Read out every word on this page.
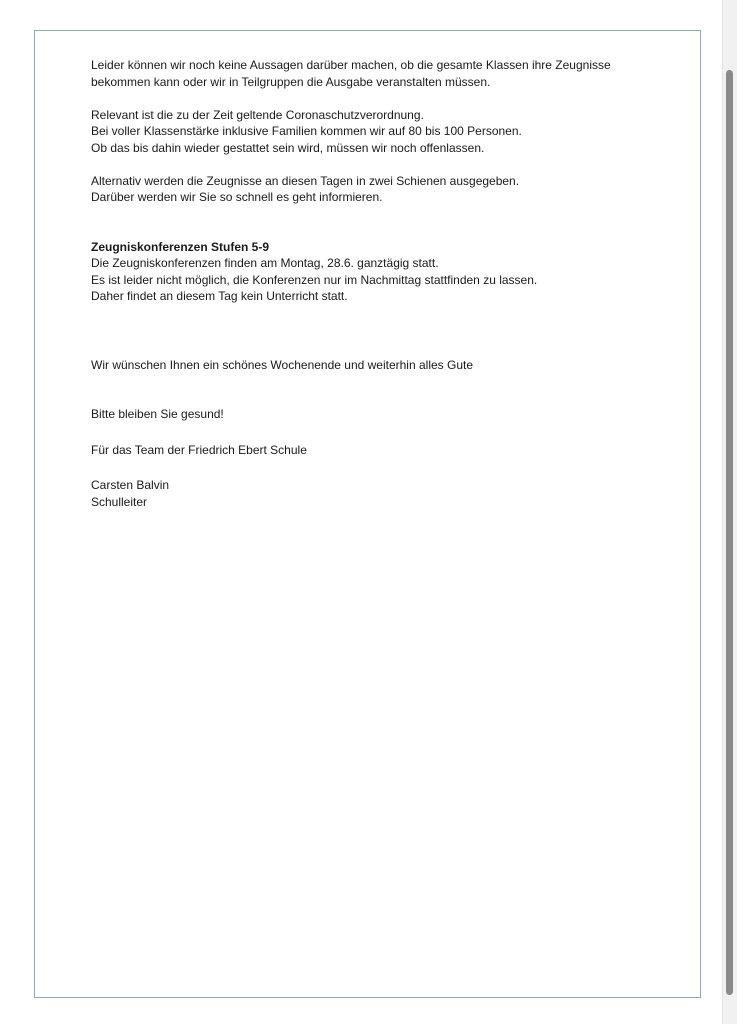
Leider können wir noch keine Aussagen darüber machen, ob die gesamte Klassen ihre Zeugnisse
bekommen kann oder wir in Teilgruppen die Ausgabe veranstalten müssen.

Relevant ist die zu der Zeit geltende Coronaschutzverordnung.
Bei voller Klassenstärke inklusive Familien kommen wir auf 80 bis 100 Personen.
Ob das bis dahin wieder gestattet sein wird, müssen wir noch offenlassen.

Alternativ werden die Zeugnisse an diesen Tagen in zwei Schienen ausgegeben.
Darüber werden wir Sie so schnell es geht informieren.

Zeugniskonferenzen Stufen 5-9
Die Zeugniskonferenzen finden am Montag, 28.6. ganztägig statt.
Es ist leider nicht möglich, die Konferenzen nur im Nachmittag stattfinden zu lassen.
Daher findet an diesem Tag kein Unterricht statt.

Wir wünschen Ihnen ein schönes Wochenende und weiterhin alles Gute

Bitte bleiben Sie gesund!

Für das Team der Friedrich Ebert Schule

Carsten Balvin
Schulleiter
